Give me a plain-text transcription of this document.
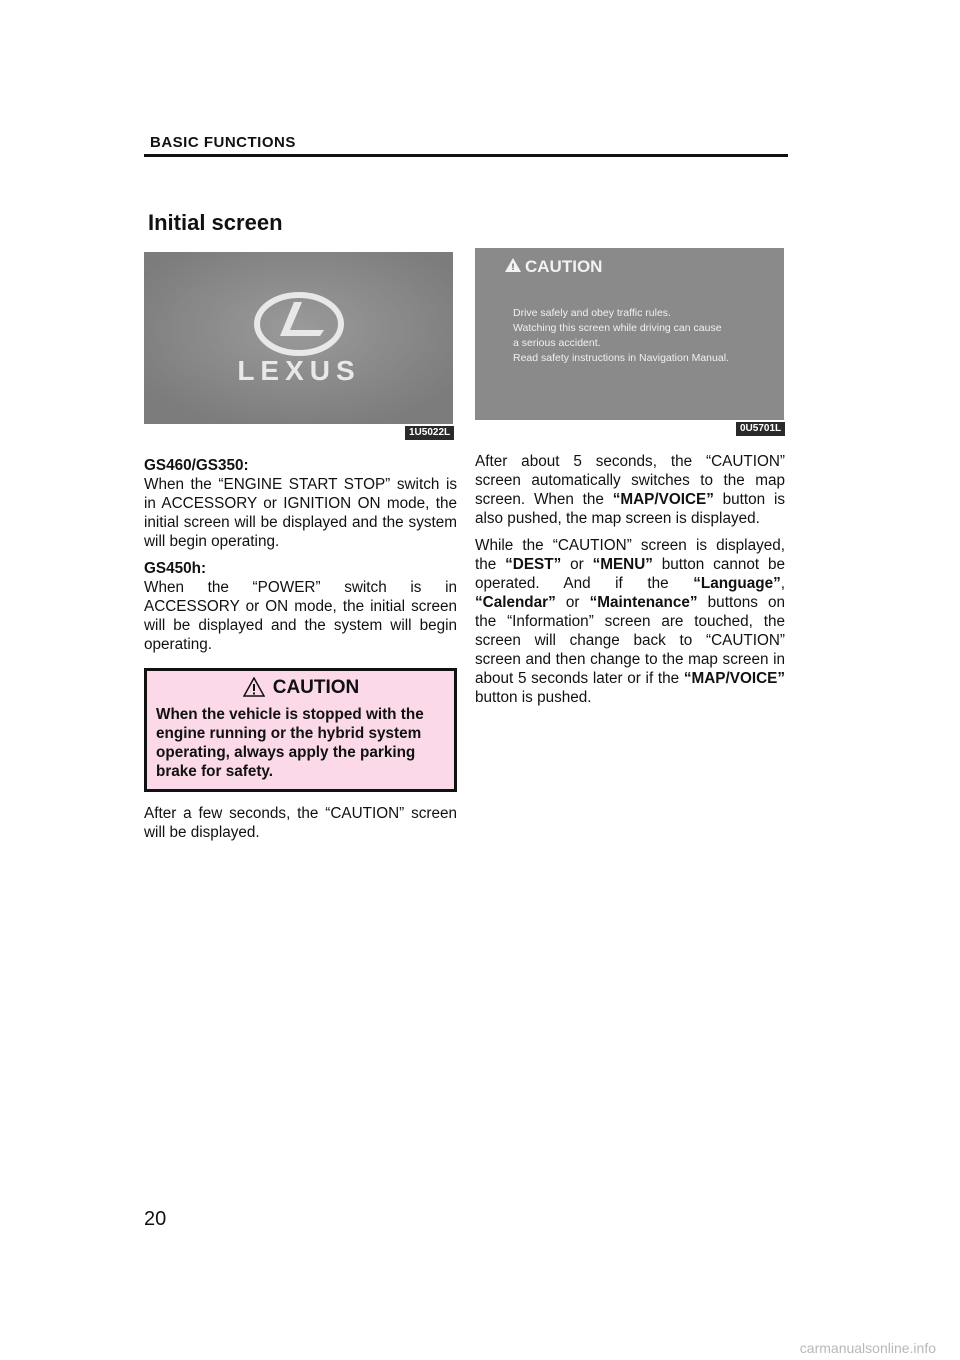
BASIC FUNCTIONS
Initial screen
LEXUS
1U5022L
! CAUTION
Drive safely and obey traffic rules.
Watching this screen while driving can cause
a serious accident.
Read safety instructions in Navigation Manual.
0U5701L

GS460/GS350:
When the “ENGINE START STOP” switch is in ACCESSORY or IGNITION ON mode, the initial screen will be displayed and the system will begin operating.

GS450h:
When the “POWER” switch is in ACCESSORY or ON mode, the initial screen will be displayed and the system will begin operating.

CAUTION
When the vehicle is stopped with the engine running or the hybrid system operating, always apply the parking brake for safety.

After a few seconds, the “CAUTION” screen will be displayed.

After about 5 seconds, the “CAUTION” screen automatically switches to the map screen. When the “MAP/VOICE” button is also pushed, the map screen is displayed.

While the “CAUTION” screen is displayed, the “DEST” or “MENU” button cannot be operated. And if the “Language”, “Calendar” or “Maintenance” buttons on the “Information” screen are touched, the screen will change back to “CAUTION” screen and then change to the map screen in about 5 seconds later or if the “MAP/VOICE” button is pushed.

20
carmanualsonline.info
